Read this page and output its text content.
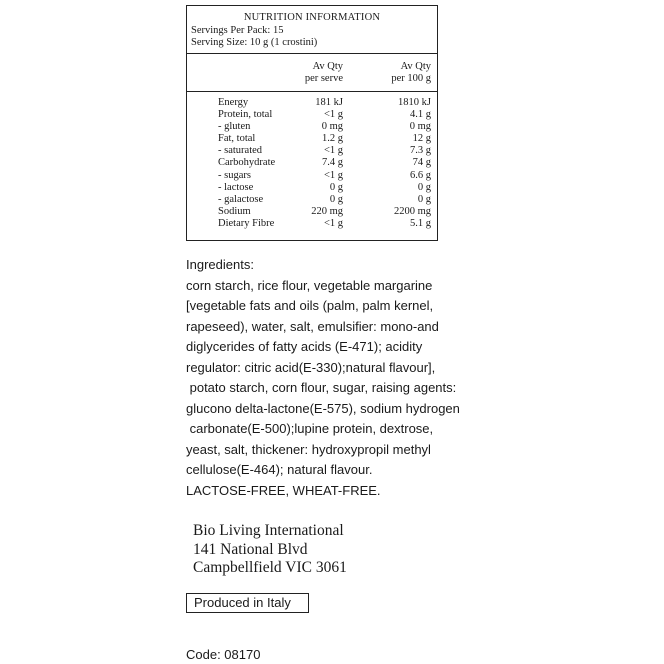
NUTRITION INFORMATION
Servings Per Pack: 15
Serving Size: 10 g (1 crostini)
Av Qty
per serve
Av Qty
per 100 g
Energy	181 kJ	1810 kJ
Protein, total	<1 g	4.1 g
- gluten	0 mg	0 mg
Fat, total	1.2 g	12 g
- saturated	<1 g	7.3 g
Carbohydrate	7.4 g	74 g
- sugars	<1 g	6.6 g
- lactose	0 g	0 g
- galactose	0 g	0 g
Sodium	220 mg	2200 mg
Dietary Fibre	<1 g	5.1 g
Ingredients:
corn starch, rice flour, vegetable margarine
[vegetable fats and oils (palm, palm kernel,
rapeseed), water, salt, emulsifier: mono-and
diglycerides of fatty acids (E-471); acidity
regulator: citric acid(E-330);natural flavour],
potato starch, corn flour, sugar, raising agents:
glucono delta-lactone(E-575), sodium hydrogen
carbonate(E-500);lupine protein, dextrose,
yeast, salt, thickener: hydroxypropil methyl
cellulose(E-464); natural flavour.
LACTOSE-FREE, WHEAT-FREE.
Bio Living International
141 National Blvd
Campbellfield VIC 3061
Produced in Italy
Code: 08170
